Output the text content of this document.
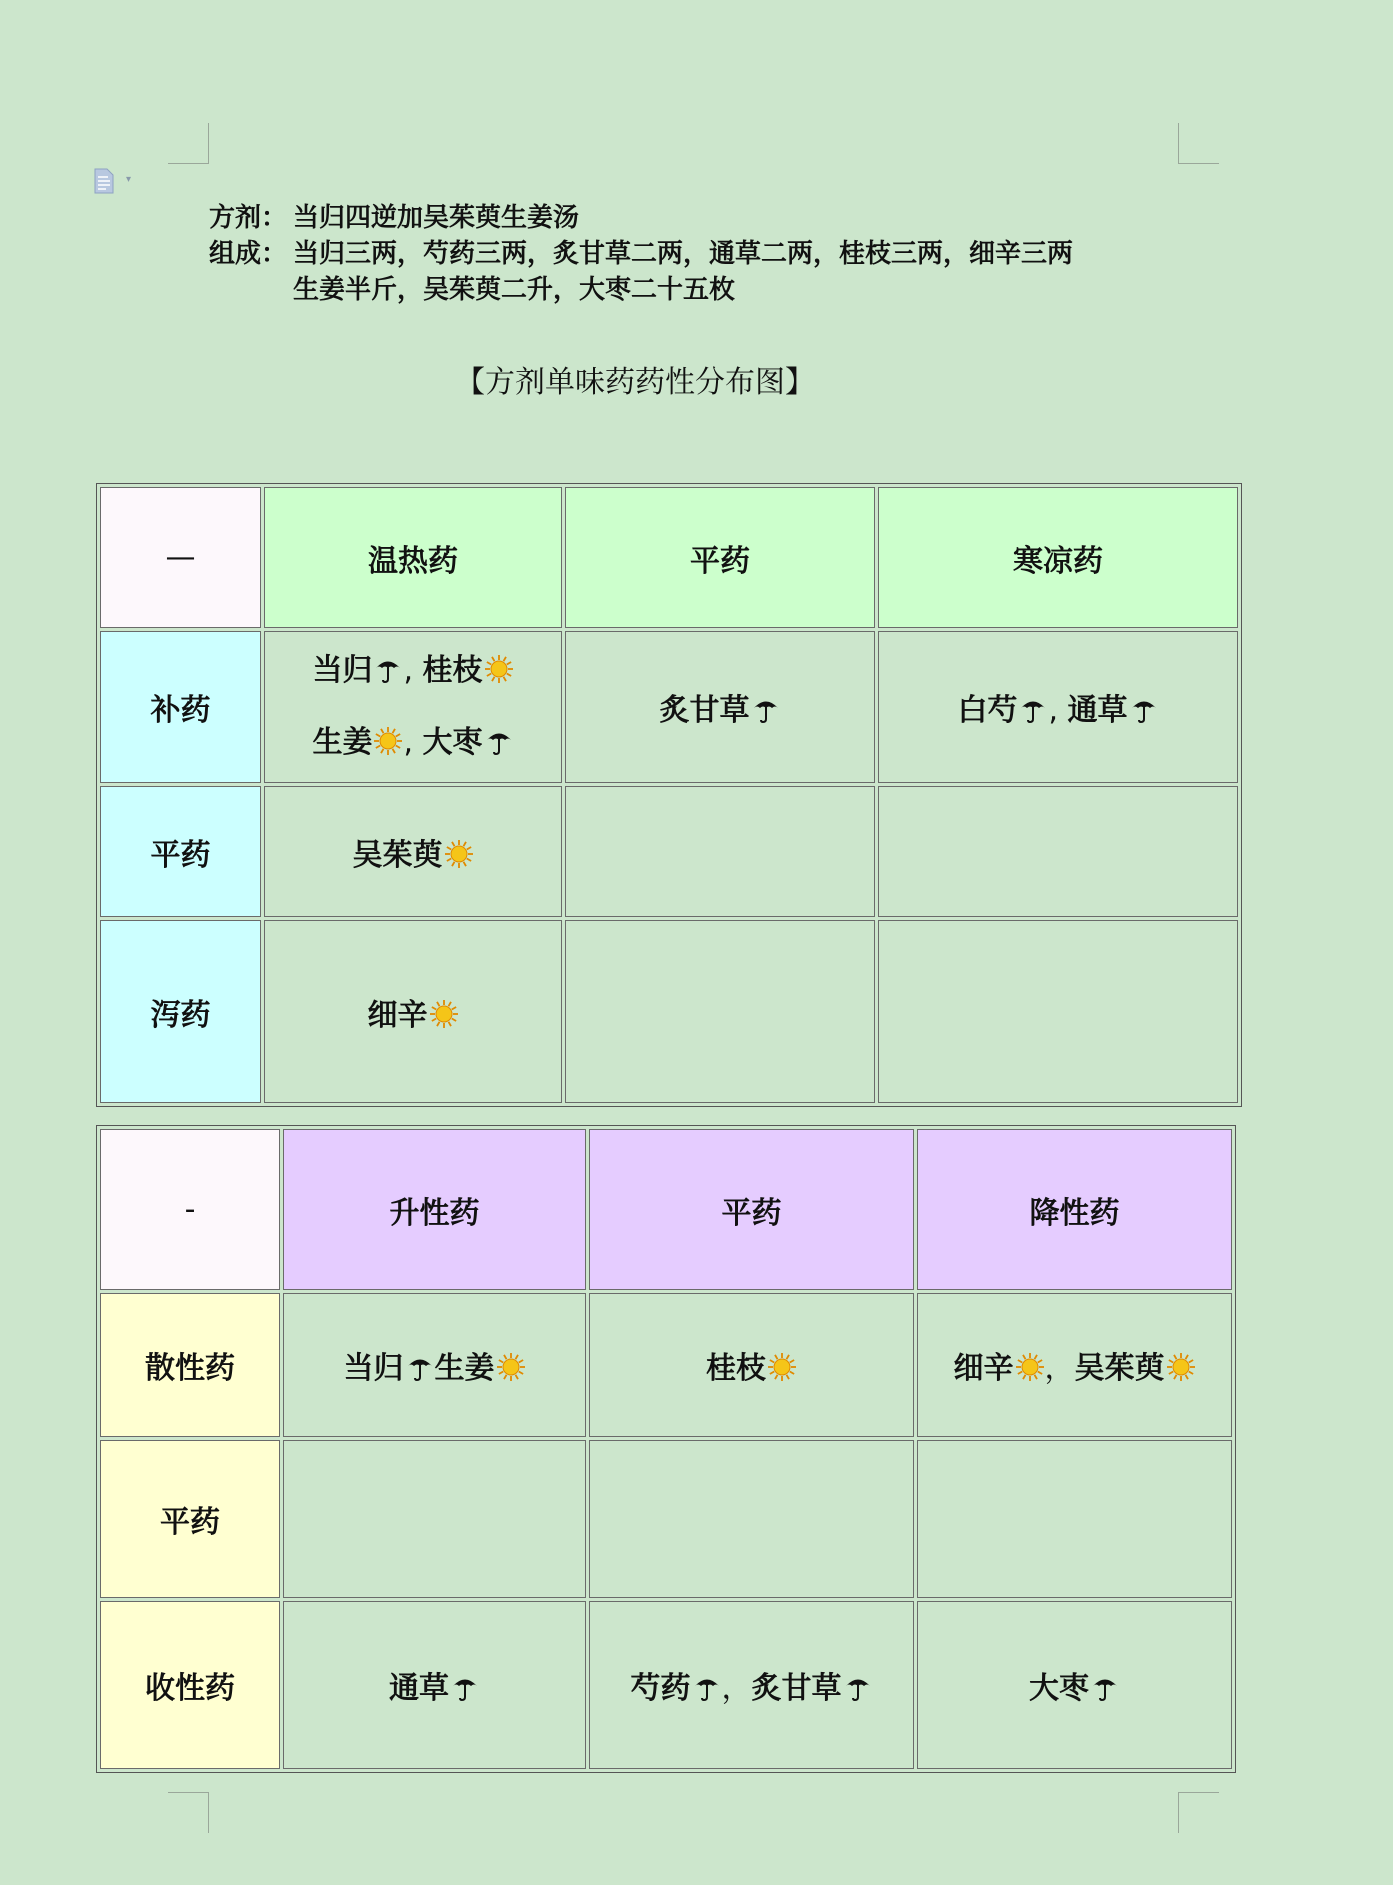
▾
方剂： 当归四逆加吴茱萸生姜汤
组成： 当归三两，芍药三两，炙甘草二两，通草二两，桂枝三两，细辛三两
生姜半斤，吴茱萸二升，大枣二十五枚
【方剂单味药药性分布图】
—	温热药	平药	寒凉药
补药	当归 , 桂枝
生姜 , 大枣	炙甘草	白芍 , 通草

平药	吴茱萸		

泻药	细辛		

-	升性药	平药	降性药
散性药	当归 生姜	桂枝	细辛 ，吴茱萸

平药			
收性药	通草	芍药 ，炙甘草	大枣
